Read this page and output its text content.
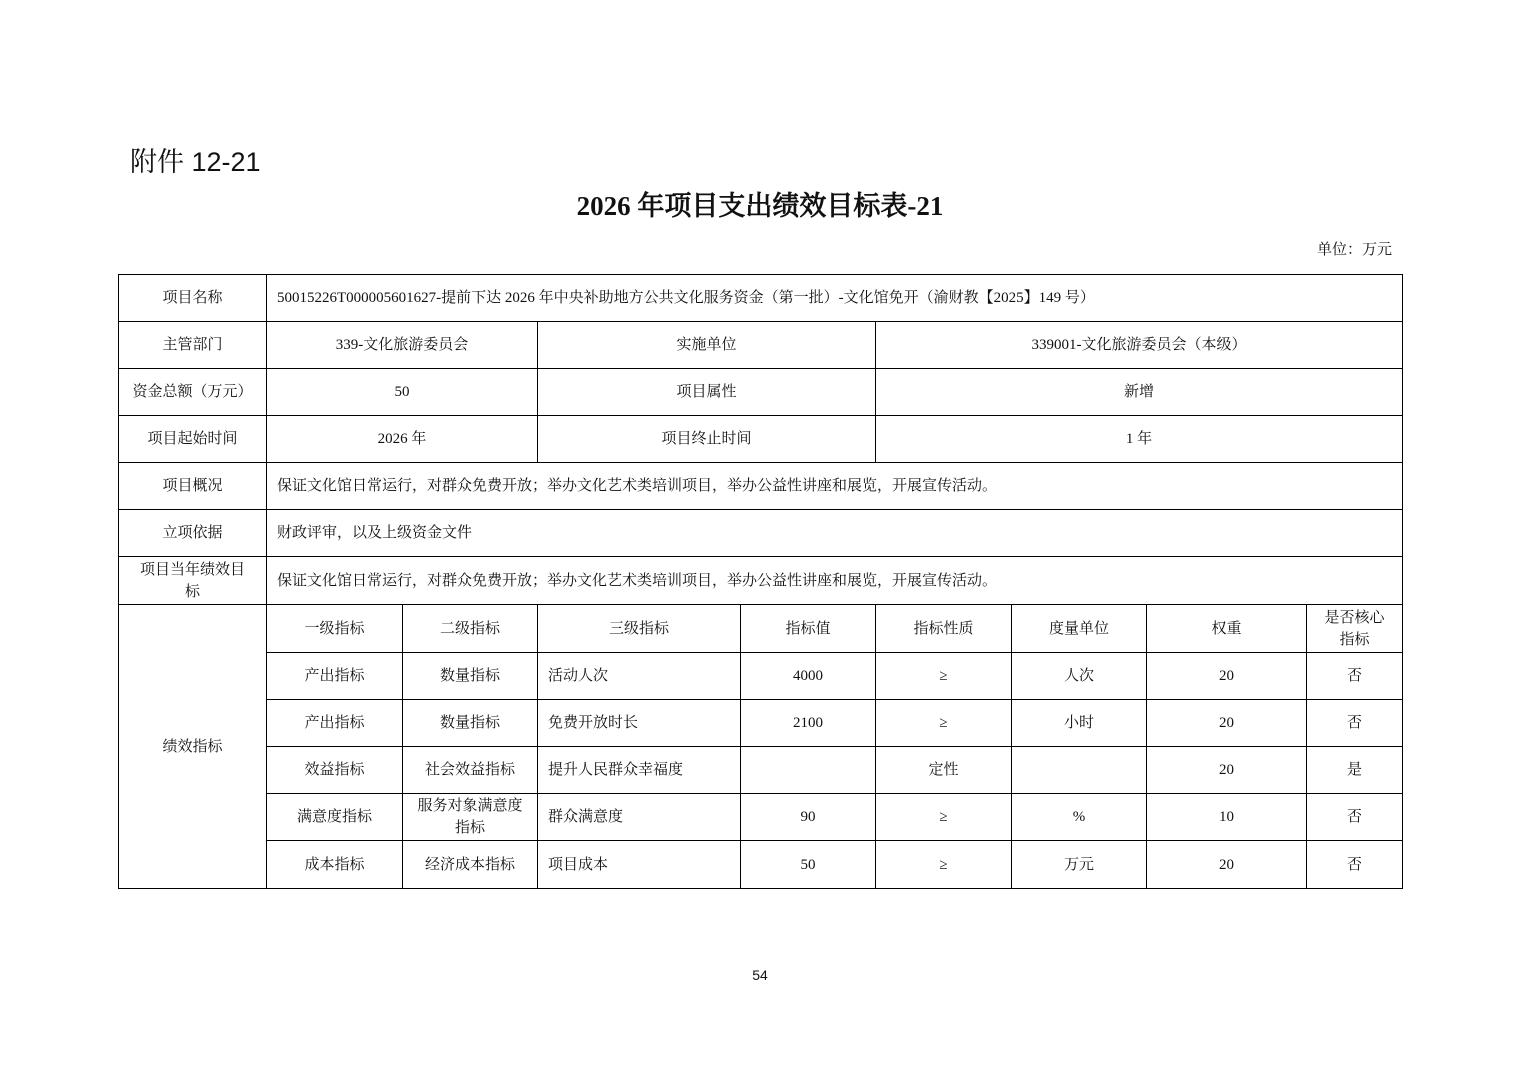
附件 12-21
2026 年项目支出绩效目标表-21
单位：万元
项目名称	50015226T000005601627-提前下达 2026 年中央补助地方公共文化服务资金（第一批）-文化馆免开（渝财教【2025】149 号）							
主管部门	339-文化旅游委员会		实施单位		339001-文化旅游委员会（本级）			
资金总额（万元）	50		项目属性		新增			
项目起始时间	2026 年		项目终止时间		1 年			
项目概况	保证文化馆日常运行，对群众免费开放；举办文化艺术类培训项目，举办公益性讲座和展览，开展宣传活动。							
立项依据	财政评审，以及上级资金文件							
项目当年绩效目标	保证文化馆日常运行，对群众免费开放；举办文化艺术类培训项目，举办公益性讲座和展览，开展宣传活动。							
绩效指标	一级指标	二级指标	三级指标	指标值	指标性质	度量单位	权重	是否核心指标
	产出指标	数量指标	活动人次	4000	≥	人次	20	否
	产出指标	数量指标	免费开放时长	2100	≥	小时	20	否
	效益指标	社会效益指标	提升人民群众幸福度		定性		20	是
	满意度指标	服务对象满意度指标	群众满意度	90	≥	%	10	否
	成本指标	经济成本指标	项目成本	50	≥	万元	20	否
54
